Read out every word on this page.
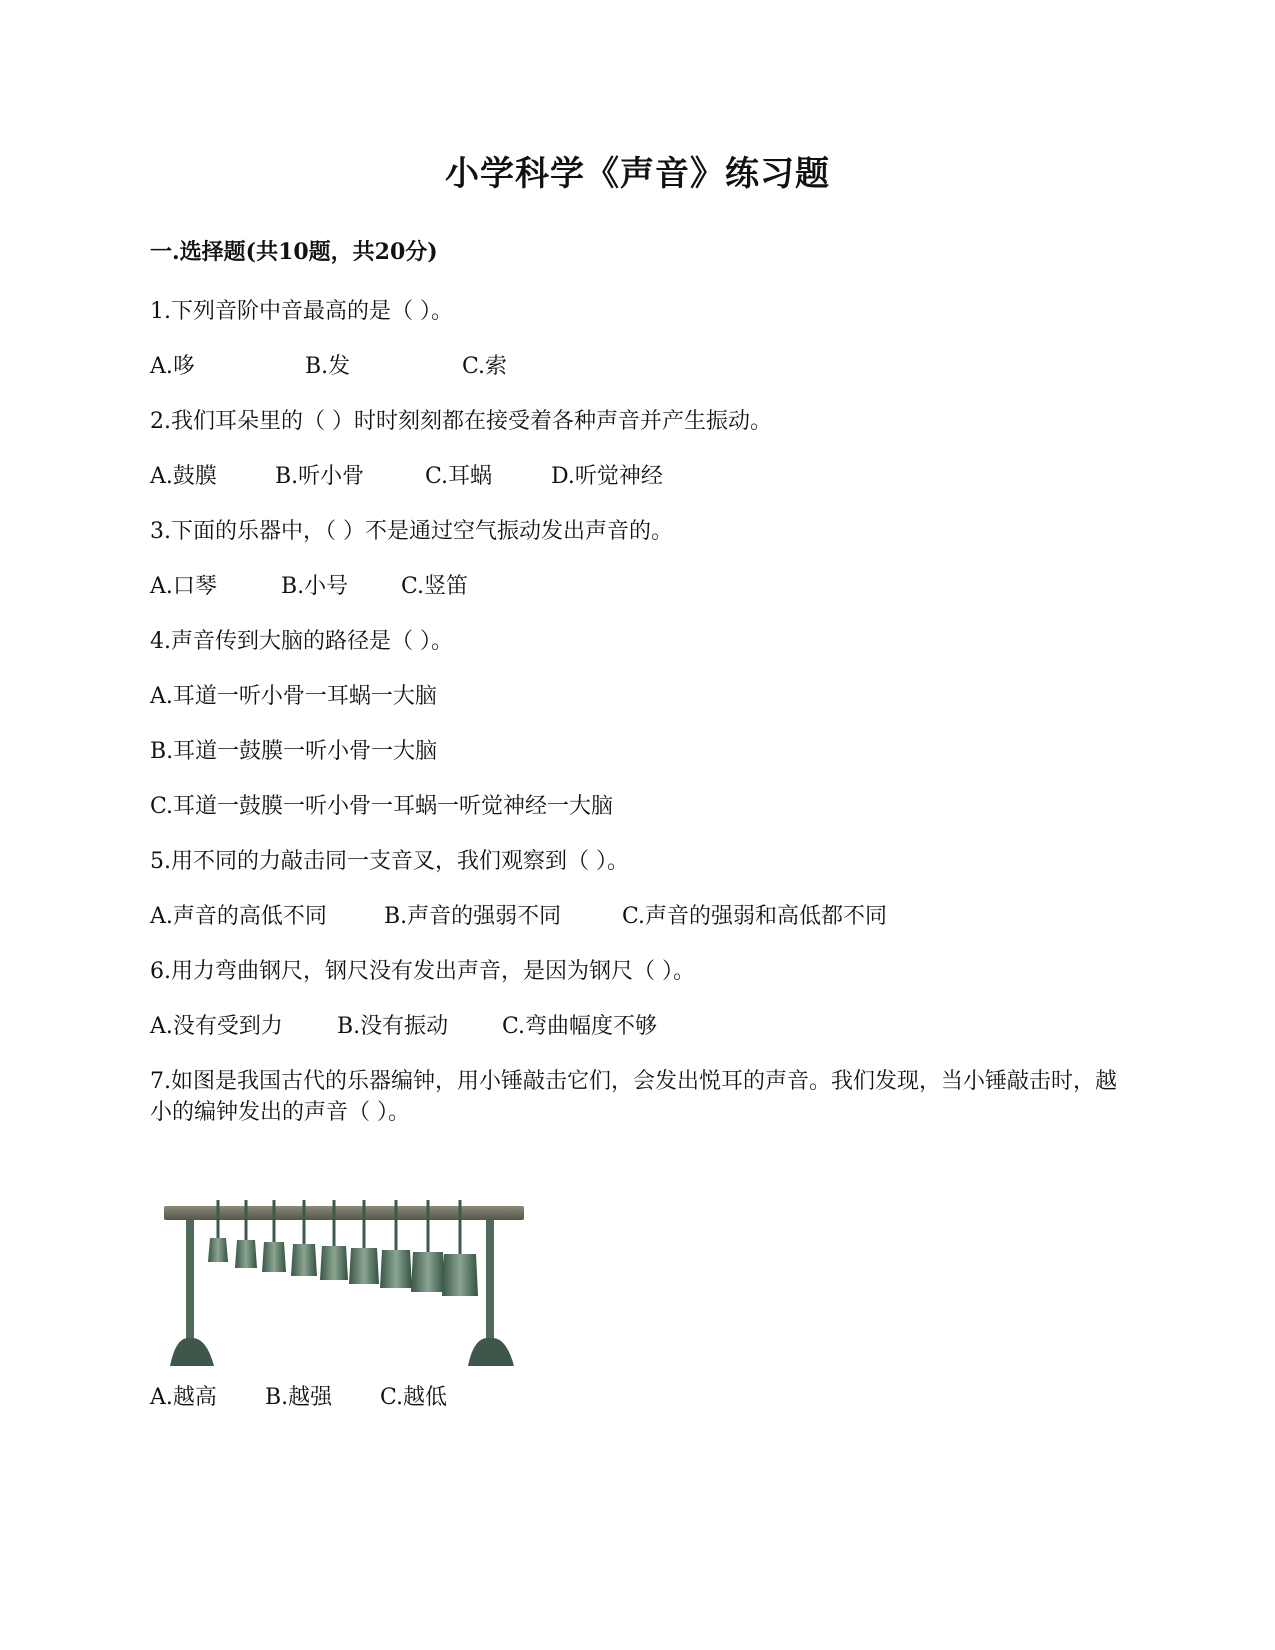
小学科学《声音》练习题
一.选择题(共10题，共20分)
1.下列音阶中音最高的是（ ）。
A.哆	B.发	C.索
2.我们耳朵里的（ ）时时刻刻都在接受着各种声音并产生振动。
A.鼓膜	B.听小骨	C.耳蜗	D.听觉神经
3.下面的乐器中，（ ）不是通过空气振动发出声音的。
A.口琴	B.小号 C.竖笛
4.声音传到大脑的路径是（ ）。
A.耳道一听小骨一耳蜗一大脑
B.耳道一鼓膜一听小骨一大脑
C.耳道一鼓膜一听小骨一耳蜗一听觉神经一大脑
5.用不同的力敲击同一支音叉，我们观察到（ ）。
A.声音的高低不同	B.声音的强弱不同	C.声音的强弱和高低都不同
6.用力弯曲钢尺，钢尺没有发出声音，是因为钢尺（ ）。
A.没有受到力 B.没有振动 C.弯曲幅度不够
7.如图是我国古代的乐器编钟，用小锤敲击它们，会发出悦耳的声音。我们发现，当小锤敲击时，越小的编钟发出的声音（ ）。
A.越高 B.越强 C.越低
